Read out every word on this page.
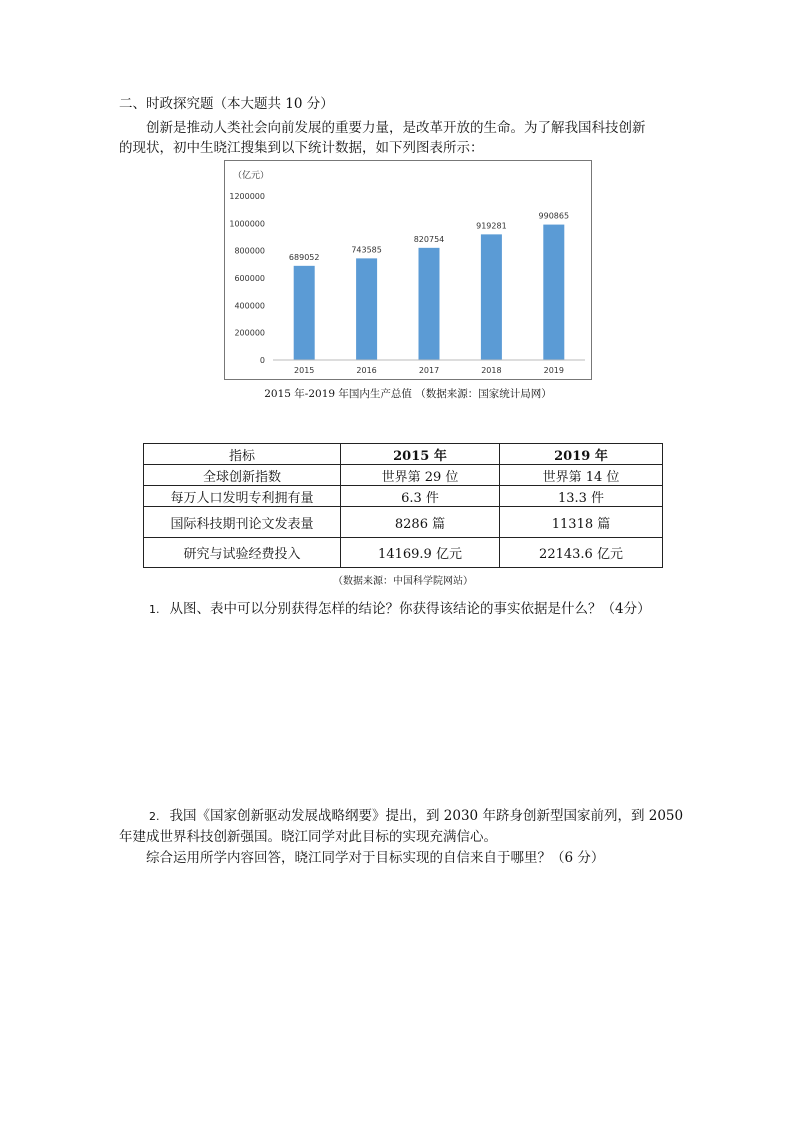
二、时政探究题（本大题共 10 分）
创新是推动人类社会向前发展的重要力量，是改革开放的生命。为了解我国科技创新
的现状，初中生晓江搜集到以下统计数据，如下列图表所示：
（亿元）
0
200000
400000
600000
800000
1000000
1200000
689052
743585
820754
919281
990865
2015	2016	2017	2018	2019
2015 年-2019 年国内生产总值 （数据来源：国家统计局网）
指标	2015 年	2019 年
全球创新指数	世界第 29 位	世界第 14 位
每万人口发明专利拥有量	6.3 件	13.3 件
国际科技期刊论文发表量	8286 篇	11318 篇
研究与试验经费投入	14169.9 亿元	22143.6 亿元
（数据来源：中国科学院网站）
1. 从图、表中可以分别获得怎样的结论？你获得该结论的事实依据是什么？（4分）
2. 我国《国家创新驱动发展战略纲要》提出，到 2030 年跻身创新型国家前列，到 2050
年建成世界科技创新强国。晓江同学对此目标的实现充满信心。
综合运用所学内容回答，晓江同学对于目标实现的自信来自于哪里？（6 分）
